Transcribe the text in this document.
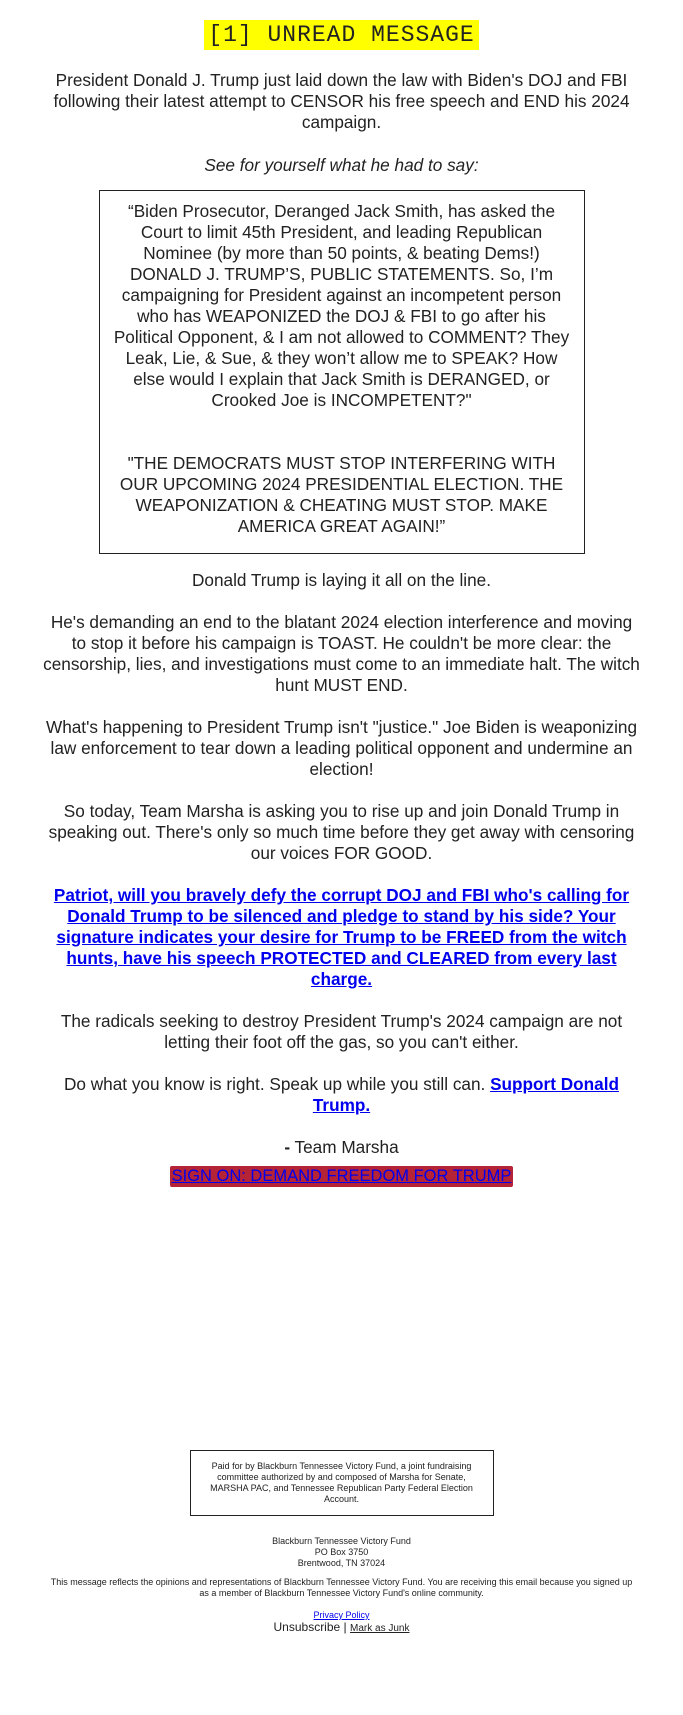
[1] UNREAD MESSAGE

President Donald J. Trump just laid down the law with Biden's DOJ and FBI following their latest attempt to CENSOR his free speech and END his 2024 campaign.

See for yourself what he had to say:

“Biden Prosecutor, Deranged Jack Smith, has asked the Court to limit 45th President, and leading Republican Nominee (by more than 50 points, & beating Dems!) DONALD J. TRUMP’S, PUBLIC STATEMENTS. So, I’m campaigning for President against an incompetent person who has WEAPONIZED the DOJ & FBI to go after his Political Opponent, & I am not allowed to COMMENT? They Leak, Lie, & Sue, & they won’t allow me to SPEAK? How else would I explain that Jack Smith is DERANGED, or Crooked Joe is INCOMPETENT?"

"THE DEMOCRATS MUST STOP INTERFERING WITH OUR UPCOMING 2024 PRESIDENTIAL ELECTION. THE WEAPONIZATION & CHEATING MUST STOP. MAKE AMERICA GREAT AGAIN!”

Donald Trump is laying it all on the line.

He's demanding an end to the blatant 2024 election interference and moving to stop it before his campaign is TOAST. He couldn't be more clear: the censorship, lies, and investigations must come to an immediate halt. The witch hunt MUST END.

What's happening to President Trump isn't "justice." Joe Biden is weaponizing law enforcement to tear down a leading political opponent and undermine an election!

So today, Team Marsha is asking you to rise up and join Donald Trump in speaking out. There's only so much time before they get away with censoring our voices FOR GOOD.

Patriot, will you bravely defy the corrupt DOJ and FBI who's calling for Donald Trump to be silenced and pledge to stand by his side? Your signature indicates your desire for Trump to be FREED from the witch hunts, have his speech PROTECTED and CLEARED from every last charge.

The radicals seeking to destroy President Trump's 2024 campaign are not letting their foot off the gas, so you can't either.

Do what you know is right. Speak up while you still can. Support Donald Trump.

- Team Marsha

SIGN ON: DEMAND FREEDOM FOR TRUMP
Paid for by Blackburn Tennessee Victory Fund, a joint fundraising committee authorized by and composed of Marsha for Senate, MARSHA PAC, and Tennessee Republican Party Federal Election Account.
Blackburn Tennessee Victory Fund
PO Box 3750
Brentwood, TN 37024
This message reflects the opinions and representations of Blackburn Tennessee Victory Fund. You are receiving this email because you signed up as a member of Blackburn Tennessee Victory Fund's online community.
Privacy Policy
Unsubscribe | Mark as Junk
